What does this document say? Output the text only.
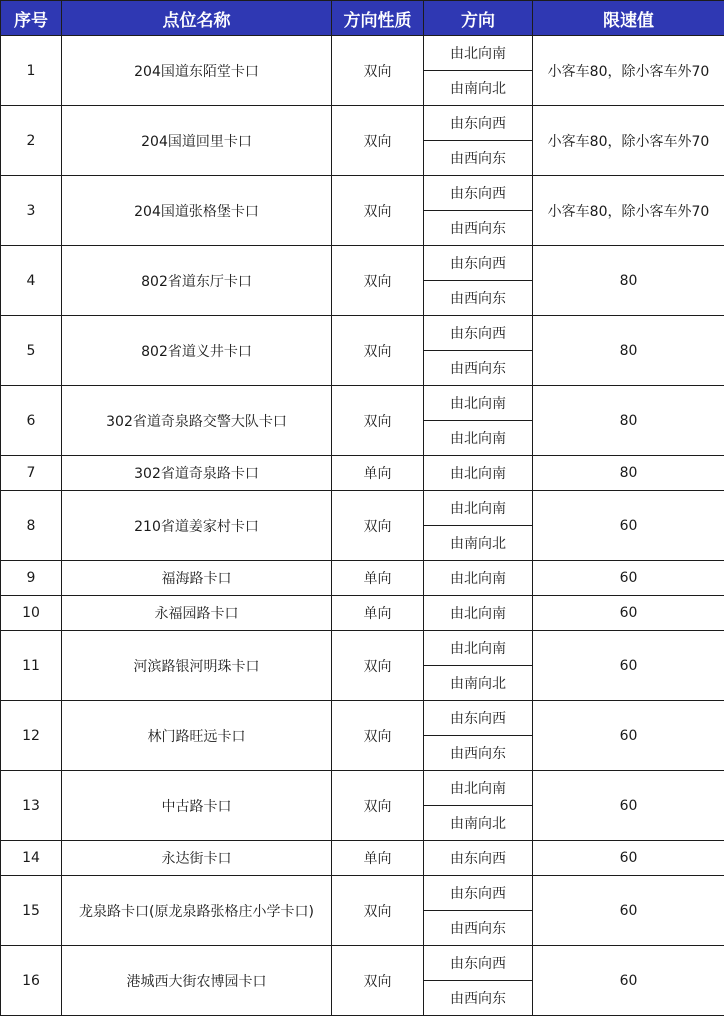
序号	点位名称	方向性质	方向	限速值
1	204国道东陌堂卡口	双向	由北向南	小客车80，除小客车外70
			由南向北	
2	204国道回里卡口	双向	由东向西	小客车80，除小客车外70
			由西向东	
3	204国道张格堡卡口	双向	由东向西	小客车80，除小客车外70
			由西向东	
4	802省道东厅卡口	双向	由东向西	80
			由西向东	
5	802省道义井卡口	双向	由东向西	80
			由西向东	
6	302省道奇泉路交警大队卡口	双向	由北向南	80
			由北向南	
7	302省道奇泉路卡口	单向	由北向南	80
8	210省道姜家村卡口	双向	由北向南	60
			由南向北	
9	福海路卡口	单向	由北向南	60
10	永福园路卡口	单向	由北向南	60
11	河滨路银河明珠卡口	双向	由北向南	60
			由南向北	
12	林门路旺远卡口	双向	由东向西	60
			由西向东	
13	中古路卡口	双向	由北向南	60
			由南向北	
14	永达街卡口	单向	由东向西	60
15	龙泉路卡口(原龙泉路张格庄小学卡口)	双向	由东向西	60
			由西向东	
16	港城西大街农博园卡口	双向	由东向西	60
			由西向东	
